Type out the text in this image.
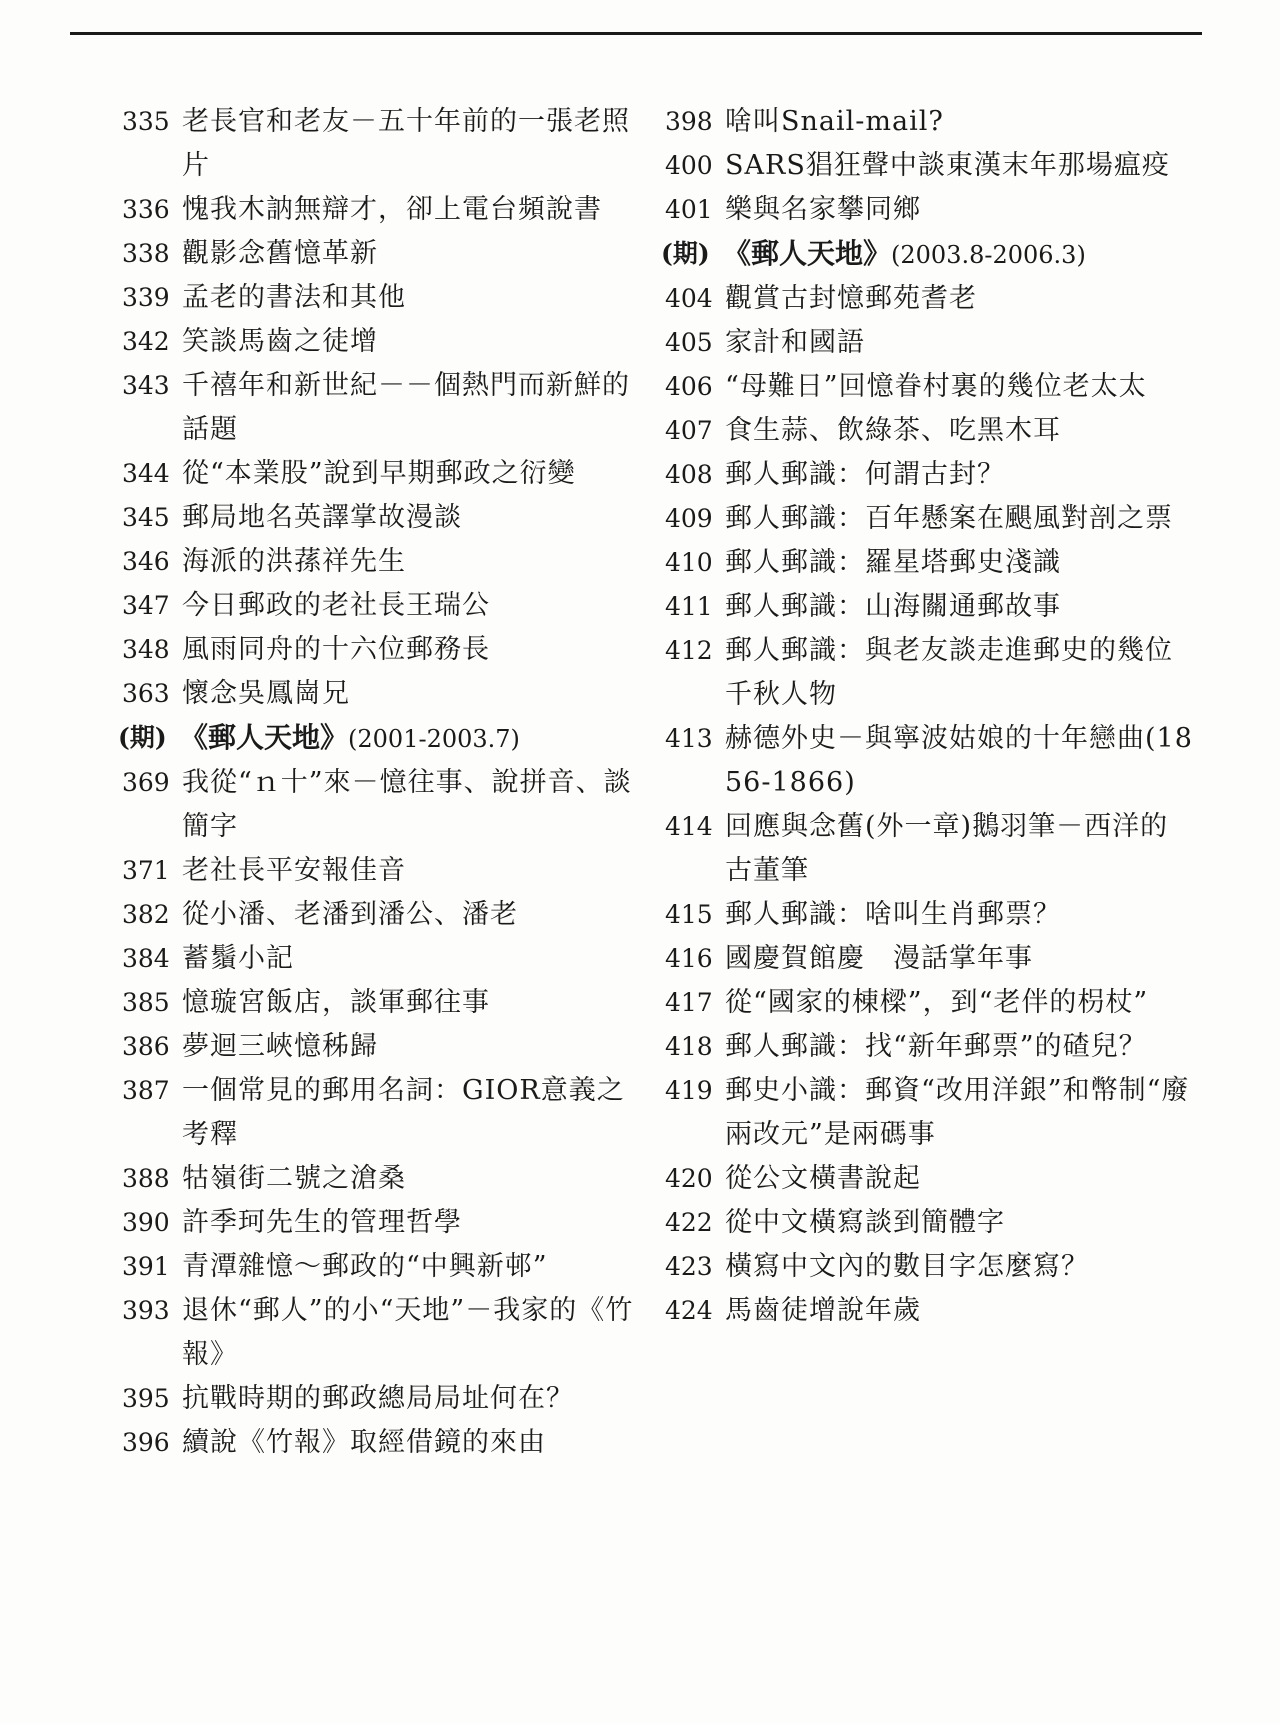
335 老長官和老友－五十年前的一張老照片
336 愧我木訥無辯才，卻上電台頻說書
338 觀影念舊憶革新
339 孟老的書法和其他
342 笑談馬齒之徒增
343 千禧年和新世紀－－個熱門而新鮮的話題
344 從“本業股”說到早期郵政之衍變
345 郵局地名英譯掌故漫談
346 海派的洪蓀祥先生
347 今日郵政的老社長王瑞公
348 風雨同舟的十六位郵務長
363 懷念吳鳳崗兄
(期) 《郵人天地》(2001-2003.7)
369 我從“ｎ十”來－憶往事、說拼音、談簡字
371 老社長平安報佳音
382 從小潘、老潘到潘公、潘老
384 蓄鬚小記
385 憶璇宮飯店，談軍郵往事
386 夢迴三峽憶秭歸
387 一個常見的郵用名詞：GIOR意義之考釋
388 牯嶺街二號之滄桑
390 許季珂先生的管理哲學
391 青潭雜憶～郵政的“中興新邨”
393 退休“郵人”的小“天地”－我家的《竹報》
395 抗戰時期的郵政總局局址何在？
396 續說《竹報》取經借鏡的來由
398 啥叫Snail-mail?
400 SARS猖狂聲中談東漢末年那場瘟疫
401 樂與名家攀同鄉
(期) 《郵人天地》(2003.8-2006.3)
404 觀賞古封憶郵苑耆老
405 家計和國語
406 “母難日”回憶眷村裏的幾位老太太
407 食生蒜、飲綠茶、吃黑木耳
408 郵人郵識：何謂古封？
409 郵人郵識：百年懸案在颶風對剖之票
410 郵人郵識：羅星塔郵史淺識
411 郵人郵識：山海關通郵故事
412 郵人郵識：與老友談走進郵史的幾位千秋人物
413 赫德外史－與寧波姑娘的十年戀曲(1856-1866)
414 回應與念舊(外一章)鵝羽筆－西洋的古董筆
415 郵人郵識：啥叫生肖郵票？
416 國慶賀館慶　漫話掌年事
417 從“國家的棟樑”，到“老伴的枴杖”
418 郵人郵識：找“新年郵票”的碴兒？
419 郵史小識：郵資“改用洋銀”和幣制“廢兩改元”是兩碼事
420 從公文橫書說起
422 從中文橫寫談到簡體字
423 橫寫中文內的數目字怎麼寫？
424 馬齒徒增說年歲
